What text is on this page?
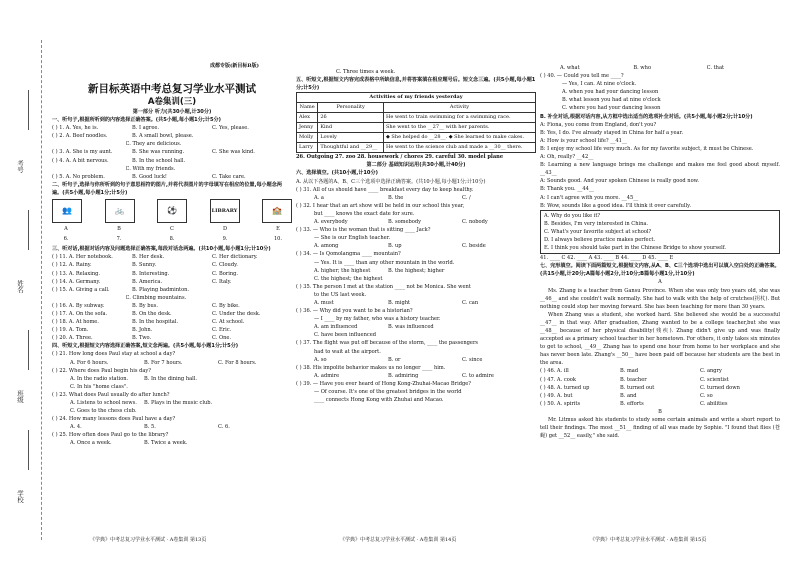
考号
姓名
班级
学校
成都专版(新目标B版)

新目标英语中考总复习学业水平测试

A卷集训(三)

第一部分 听力(共30小题,计30分)

一、听句子,根据所听到的内容选择正确答案。(共5小题,每小题1分;计5分)

( ) 1. A. Yes, he is.	B. I agree.	C. Yes, please.
( ) 2. A. Beef noodles.	B. A small bowl, please.
C. They are delicious.
( ) 3. A. She is my aunt.	B. She was running.	C. She was kind.
( ) 4. A. A bit nervous.	B. In the school hall.
C. With my friends.
( ) 5. A. No problem.	B. Good luck!	C. Take care.

二、听句子,选择与你所听到的句子意思相符的图片,并将代表图片的字母填写在相应的位置,每小题念两遍。(共5小题,每小题1分;计5分)

👥	🚲	⚽	LIBRARY	🏫
A	B	C	D	E
6.	7.	8.	9.	10.

三、听对话,根据对话内容及问题选择正确答案,每段对话念两遍。(共10小题,每小题1分;计10分)

( ) 11. A. Her notebook.	B. Her desk.	C. Her dictionary.
( ) 12. A. Rainy.	B. Sunny.	C. Cloudy.
( ) 13. A. Relaxing.	B. Interesting.	C. Boring.
( ) 14. A. Germany.	B. America.	C. Italy.
( ) 15. A. Giving a call.	B. Playing badminton.
C. Climbing mountains.
( ) 16. A. By subway.	B. By bus.	C. By bike.
( ) 17. A. On the sofa.	B. On the desk.	C. Under the desk.
( ) 18. A. At home.	B. In the hospital.	C. At school.
( ) 19. A. Tom.	B. John.	C. Eric.
( ) 20. A. Three.	B. Two.	C. One.

四、听短文,根据短文内容选择正确答案,短文念两遍。(共5小题,每小题1分;计5分)

( ) 21. How long does Paul stay at school a day?
A. For 6 hours.	B. For 7 hours.	C. For 8 hours.
( ) 22. Where does Paul begin his day?
A. In the radio station.	B. In the dining hall.
C. In his "home class".
( ) 23. What does Paul usually do after lunch?
A. Listens to school news.	B. Plays in the music club.
C. Goes to the chess club.
( ) 24. How many lessons does Paul have a day?
A. 4.	B. 5.	C. 6.
( ) 25. How often does Paul go to the library?
A. Once a week.	B. Twice a week.

C. Three times a week.

五、听短文,根据短文内容完成表格中所缺信息,并将答案填在相应题号后。短文念三遍。(共5小题,每小题1分;计5分)

Activities of my friends yesterday		
Name	Personality	Activity
Alex	26	He went to train swimming for a swimming race.
Jenny	Kind	She went to the __27__ with her parents.
Molly	Lovely	◆ She helped do __28__. ◆ She learned to make cakes.
Larry	Thoughtful and __29__	He went to the science club and made a __30__ there.

26. Outgoing 27. zoo 28. housework / chores 29. careful 30. model plane

第二部分 基础知识运用(共30小题,计40分)

六、选择填空。(共10小题,计10分)

A. 从以下各题的A、B、C三个选项中选择正确答案。(共10小题,每小题1分;计10分)

( ) 31. All of us should have ____ breakfast every day to keep healthy.
A. a	B. the	C. /
( ) 32. I hear that an art show will be held in our school this year,
but ____ knows the exact date for sure.
A. everybody	B. somebody	C. nobody
( ) 33. — Who is the woman that is sitting ____ Jack?
— She is our English teacher.
A. among	B. up	C. beside
( ) 34. — Is Qomolangma ____ mountain?
— Yes. It is ____ than any other mountain in the world.
A. higher; the highest	B. the highest; higher
C. the highest; the highest
( ) 35. The person I met at the station ____ not be Monica. She went
to the US last week.
A. must	B. might	C. can
( ) 36. — Why did you want to be a historian?
— I ____ by my father, who was a history teacher.
A. am influenced	B. was influenced
C. have been influenced
( ) 37. The flight was put off because of the storm, ____ the passengers
had to wait at the airport.
A. so	B. or	C. since
( ) 38. His impolite behavior makes us no longer ____ him.
A. admire	B. admiring	C. to admire
( ) 39. — Have you ever heard of Hong Kong-Zhuhai-Macao Bridge?
— Of course. It's one of the greatest bridges in the world
____ connects Hong Kong with Zhuhai and Macao.
A. what	B. who	C. that

( ) 40. — Could you tell me ____?

— Yes, I can. At nine o'clock.

A. when you had your dancing lesson

B. what lesson you had at nine o'clock

C. where you had your dancing lesson

B. 补全对话,根据对话内容,从方框中选出适当的选项补全对话。(共5小题,每小题2分;计10分)

A: Fiona, you come from England, don't you?

B: Yes, I do. I've already stayed in China for half a year.

A: How is your school life? __41__

B: I enjoy my school life very much. As for my favorite subject, it must be Chinese.

A: Oh, really? __42__

B: Learning a new language brings me challenge and makes me feel good about myself. __43__

A: Sounds good. And your spoken Chinese is really good now.

B: Thank you. __44__

A: I can't agree with you more. __45__

B: Wow, sounds like a good idea. I'll think it over carefully.

A. Why do you like it?

B. Besides, I'm very interested in China.

C. What's your favorite subject at school?

D. I always believe practice makes perfect.

E. I think you should take part in the Chinese Bridge to show yourself.

41. ____ C 42. ____ A 43. ____ B 44. ____ D 45. ____ E

七、完形填空。阅读下面两篇短文,根据短文内容,从A、B、C三个选项中选出可以填入空白处的正确答案。(共15小题,计20分;A篇每小题2分,计10分;B篇每小题1分,计10分)

A

Ms. Zhang is a teacher from Gansu Province. When she was only two years old, she was __46__ and she couldn't walk normally. She had to walk with the help of crutches(拐杖). But nothing could stop her moving forward. She has been teaching for more than 30 years.

When Zhang was a student, she worked hard. She believed she would be a successful __47__ in that way. After graduation, Zhang wanted to be a college teacher,but she was __48__ because of her physical disability(残疾). Zhang didn't give up and was finally accepted as a primary school teacher in her hometown. For others, it only takes six minutes to get to school, __49__ Zhang has to spend one hour from home to her workplace and she has never been late. Zhang's __50__ have been paid off because her students are the best in the area.

( ) 46. A. ill	B. mad	C. angry
( ) 47. A. cook	B. teacher	C. scientist
( ) 48. A. turned up	B. turned out	C. turned down
( ) 49. A. but	B. and	C. so
( ) 50. A. spirits	B. efforts	C. abilities

B

Mr. Litmus asked his students to study some certain animals and write a short report to tell their findings. The most __51__ finding of all was made by Sophie. "I found that flies (苍蝇) get __52__ easily," she said.

《学典》中考总复习学业水平测试 · A卷集训 第13页	《学典》中考总复习学业水平测试 · A卷集训 第14页	《学典》中考总复习学业水平测试 · A卷集训 第15页
